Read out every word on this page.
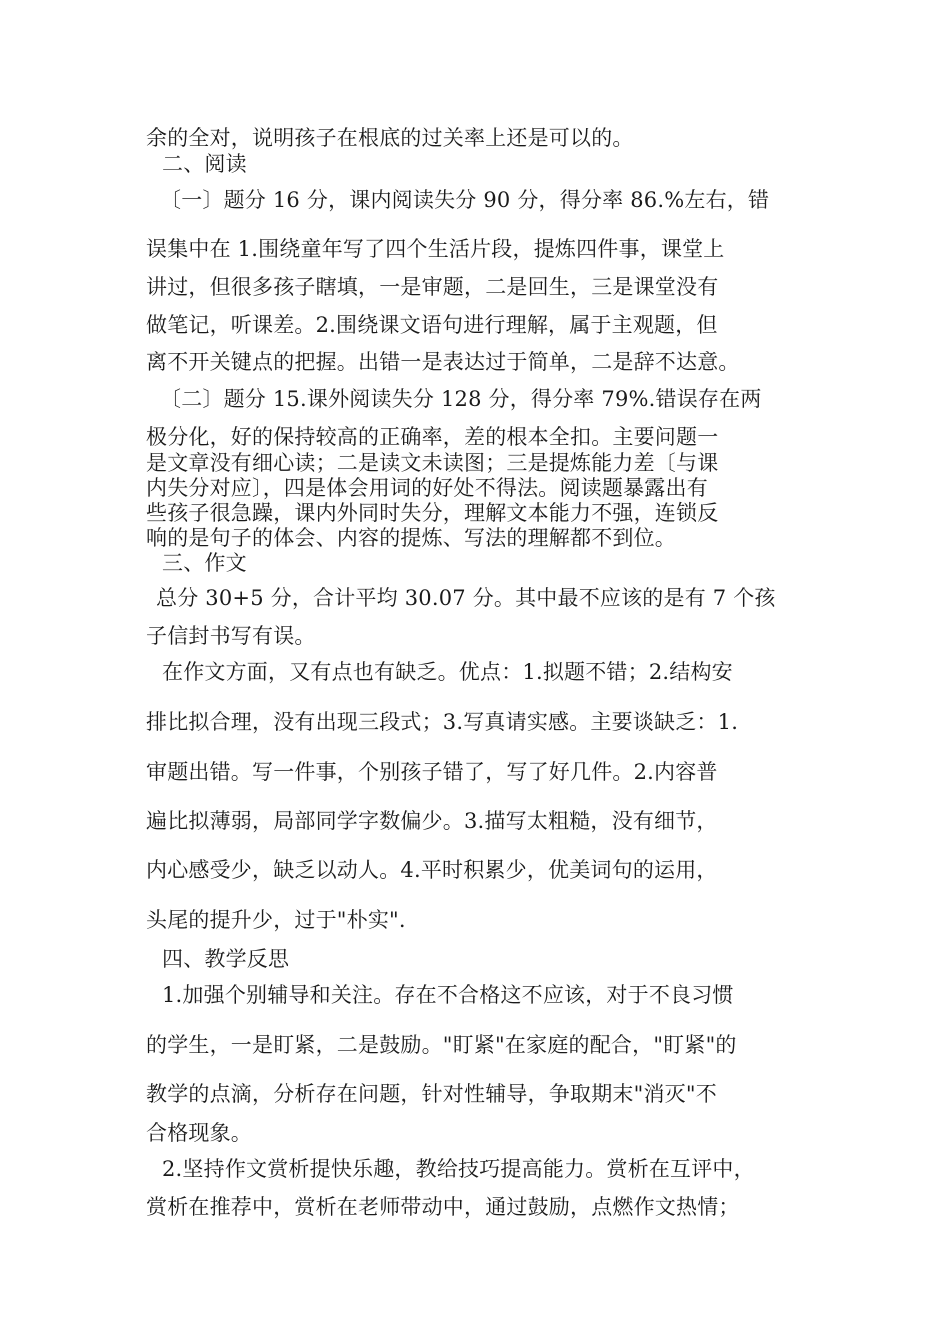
余的全对，说明孩子在根底的过关率上还是可以的。
二、阅读
〔一〕题分 16 分，课内阅读失分 90 分，得分率 86.%左右，错
误集中在 1.围绕童年写了四个生活片段，提炼四件事，课堂上
讲过，但很多孩子瞎填，一是审题，二是回生，三是课堂没有
做笔记，听课差。2.围绕课文语句进行理解，属于主观题，但
离不开关键点的把握。出错一是表达过于简单，二是辞不达意。
〔二〕题分 15.课外阅读失分 128 分，得分率 79%.错误存在两
极分化，好的保持较高的正确率，差的根本全扣。主要问题一
是文章没有细心读；二是读文未读图；三是提炼能力差〔与课
内失分对应〕，四是体会用词的好处不得法。阅读题暴露出有
些孩子很急躁，课内外同时失分，理解文本能力不强，连锁反
响的是句子的体会、内容的提炼、写法的理解都不到位。
三、作文
总分 30+5 分，合计平均 30.07 分。其中最不应该的是有 7 个孩
子信封书写有误。
在作文方面，又有点也有缺乏。优点：1.拟题不错；2.结构安
排比拟合理，没有出现三段式；3.写真请实感。主要谈缺乏：1.
审题出错。写一件事，个别孩子错了，写了好几件。2.内容普
遍比拟薄弱，局部同学字数偏少。3.描写太粗糙，没有细节，
内心感受少，缺乏以动人。4.平时积累少，优美词句的运用，
头尾的提升少，过于"朴实".
四、教学反思
1.加强个别辅导和关注。存在不合格这不应该，对于不良习惯
的学生，一是盯紧，二是鼓励。"盯紧"在家庭的配合，"盯紧"的
教学的点滴，分析存在问题，针对性辅导，争取期末"消灭"不
合格现象。
2.坚持作文赏析提快乐趣，教给技巧提高能力。赏析在互评中，
赏析在推荐中，赏析在老师带动中，通过鼓励，点燃作文热情；
